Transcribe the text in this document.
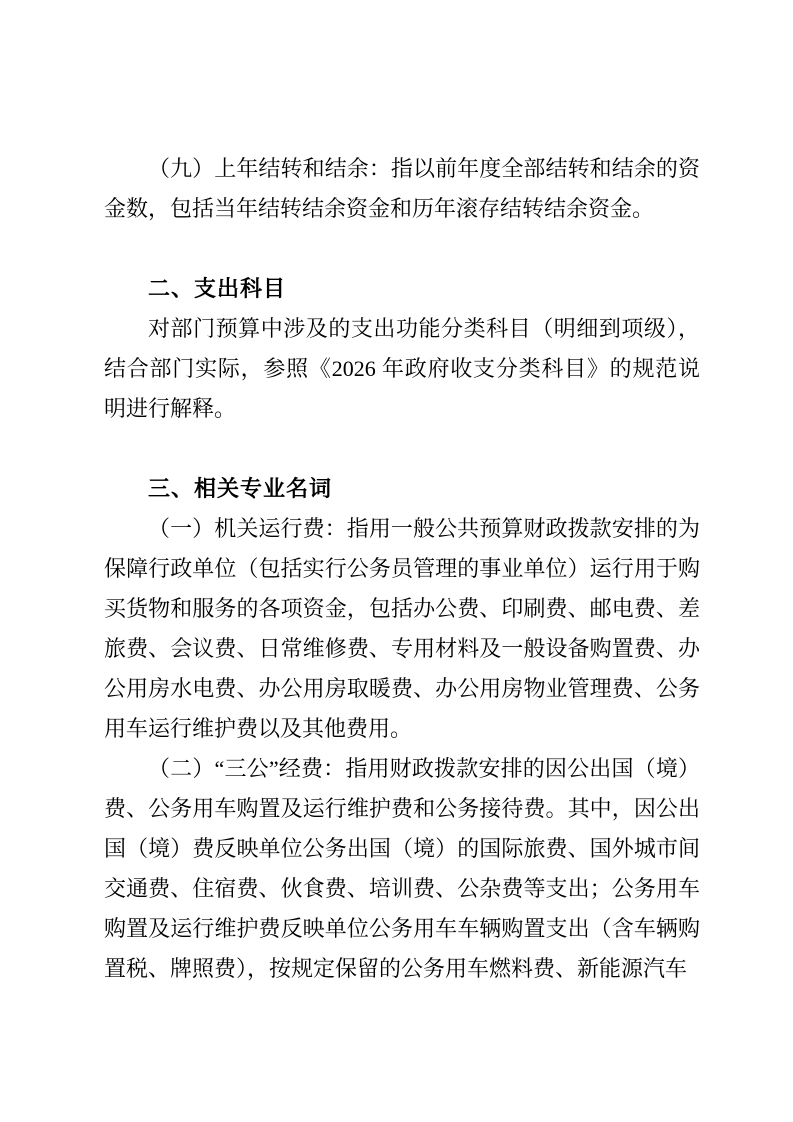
（九）上年结转和结余：指以前年度全部结转和结余的资金数，包括当年结转结余资金和历年滚存结转结余资金。

二、支出科目

对部门预算中涉及的支出功能分类科目（明细到项级），结合部门实际，参照《2026 年政府收支分类科目》的规范说明进行解释。

三、相关专业名词

（一）机关运行费：指用一般公共预算财政拨款安排的为保障行政单位（包括实行公务员管理的事业单位）运行用于购买货物和服务的各项资金，包括办公费、印刷费、邮电费、差旅费、会议费、日常维修费、专用材料及一般设备购置费、办公用房水电费、办公用房取暖费、办公用房物业管理费、公务用车运行维护费以及其他费用。

（二）“三公”经费：指用财政拨款安排的因公出国（境）费、公务用车购置及运行维护费和公务接待费。其中，因公出国（境）费反映单位公务出国（境）的国际旅费、国外城市间交通费、住宿费、伙食费、培训费、公杂费等支出；公务用车购置及运行维护费反映单位公务用车车辆购置支出（含车辆购置税、牌照费），按规定保留的公务用车燃料费、新能源汽车
